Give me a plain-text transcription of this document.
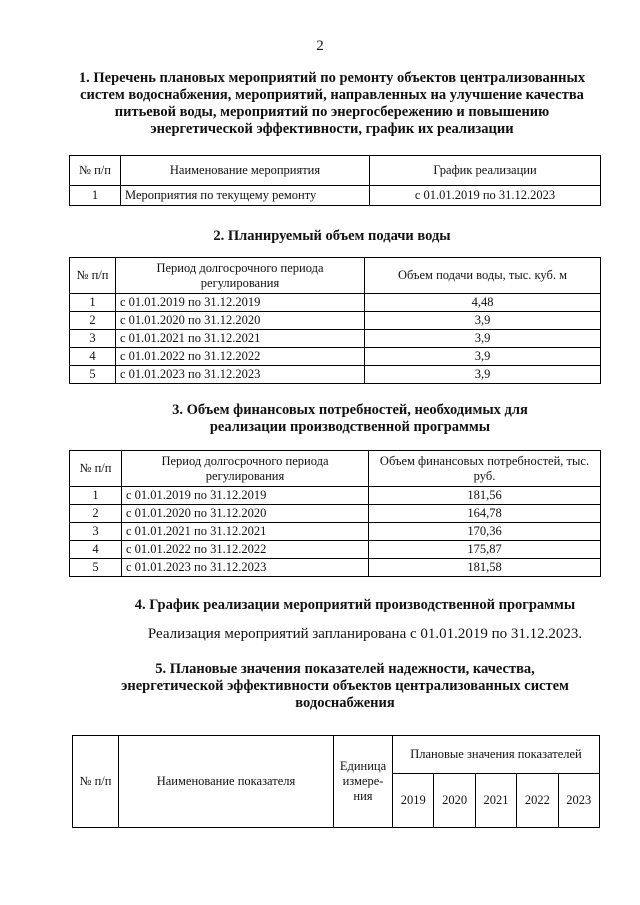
2
1. Перечень плановых мероприятий по ремонту объектов централизованных систем водоснабжения, мероприятий, направленных на улучшение качества питьевой воды, мероприятий по энергосбережению и повышению энергетической эффективности, график их реализации
№ п/п	Наименование мероприятия	График реализации
1	Мероприятия по текущему ремонту	с 01.01.2019 по 31.12.2023
2. Планируемый объем подачи воды
№ п/п	Период долгосрочного периода регулирования	Объем подачи воды, тыс. куб. м
1	с 01.01.2019 по 31.12.2019	4,48
2	с 01.01.2020 по 31.12.2020	3,9
3	с 01.01.2021 по 31.12.2021	3,9
4	с 01.01.2022 по 31.12.2022	3,9
5	с 01.01.2023 по 31.12.2023	3,9
3. Объем финансовых потребностей, необходимых для реализации производственной программы
№ п/п	Период долгосрочного периода регулирования	Объем финансовых потребностей, тыс. руб.
1	с 01.01.2019 по 31.12.2019	181,56
2	с 01.01.2020 по 31.12.2020	164,78
3	с 01.01.2021 по 31.12.2021	170,36
4	с 01.01.2022 по 31.12.2022	175,87
5	с 01.01.2023 по 31.12.2023	181,58
4. График реализации мероприятий производственной программы
Реализация мероприятий запланирована с 01.01.2019 по 31.12.2023.
5. Плановые значения показателей надежности, качества, энергетической эффективности объектов централизованных систем водоснабжения
№ п/п	Наименование показателя	Единица измере-ния	Плановые значения показателей				
			2019	2020	2021	2022	2023
